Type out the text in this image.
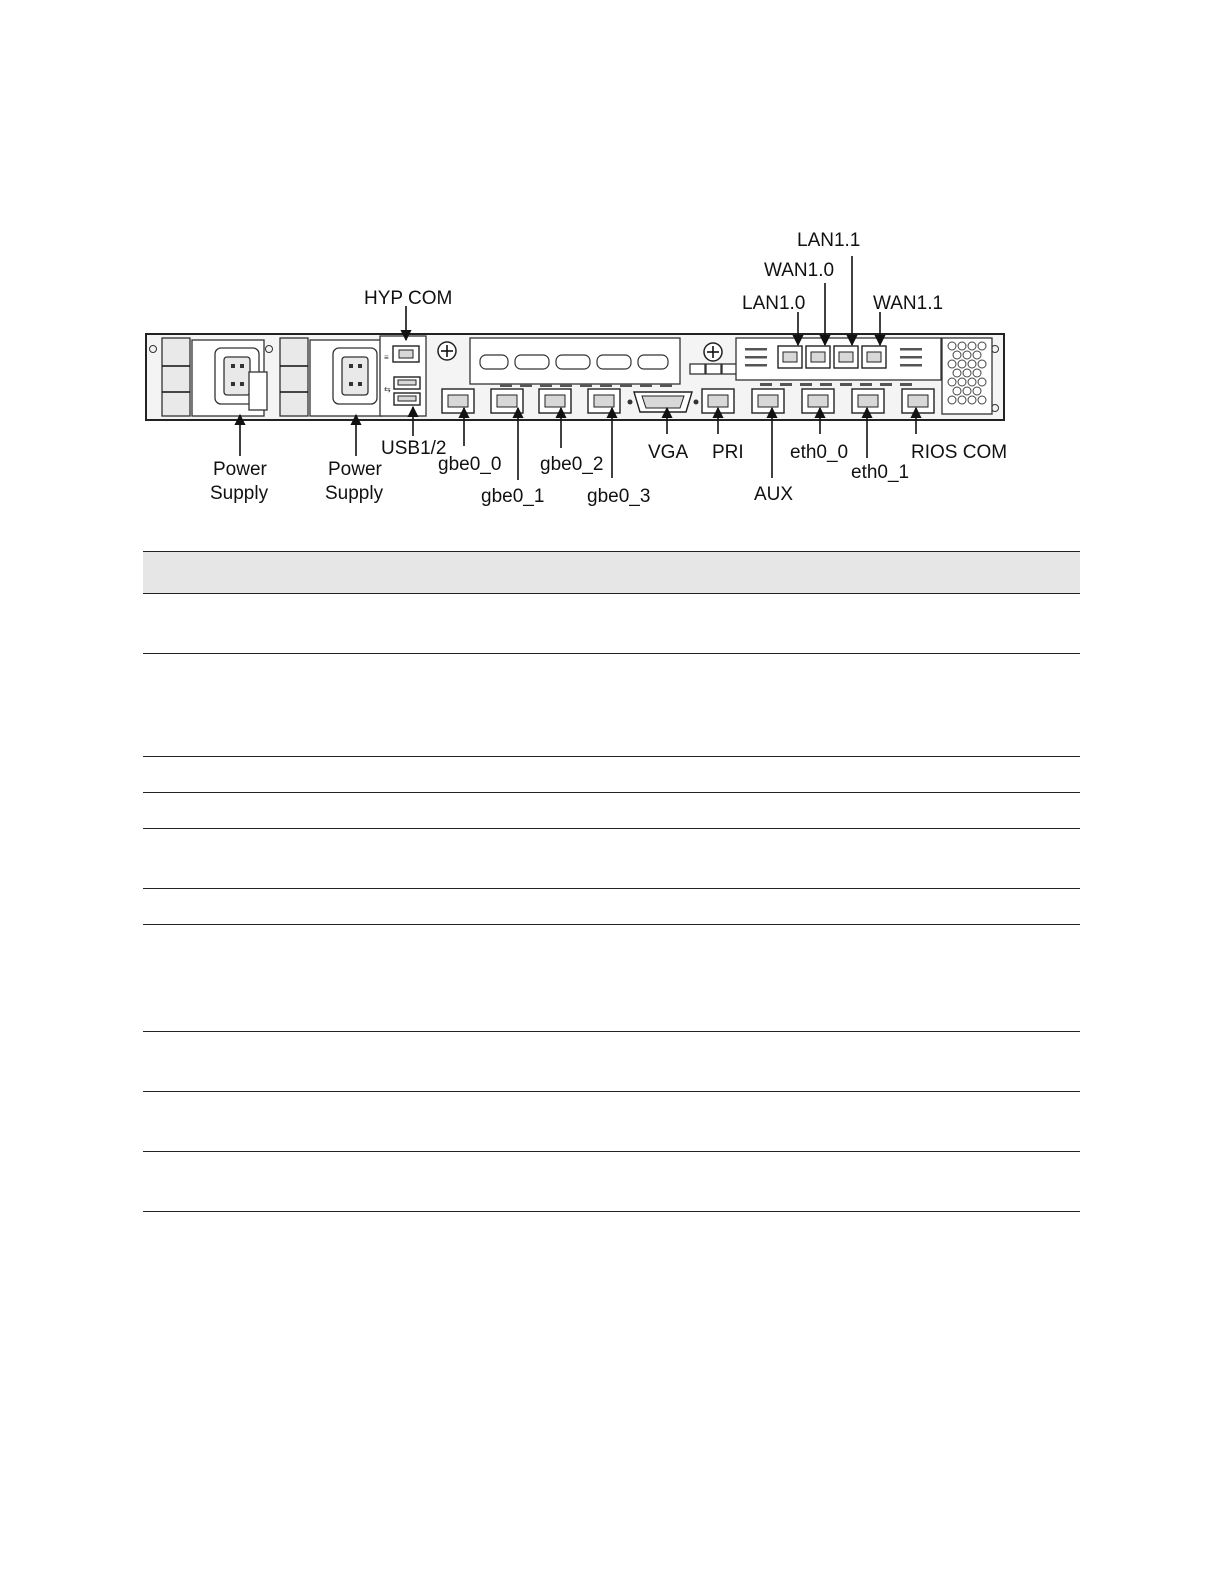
≡
⇆
HYP COM
LAN1.1
WAN1.0
LAN1.0	WAN1.1
Power
Supply
Power
Supply
USB1/2
gbe0_0
gbe0_1
gbe0_2
gbe0_3
VGA PRI
AUX
eth0_0
eth0_1
RIOS COM
